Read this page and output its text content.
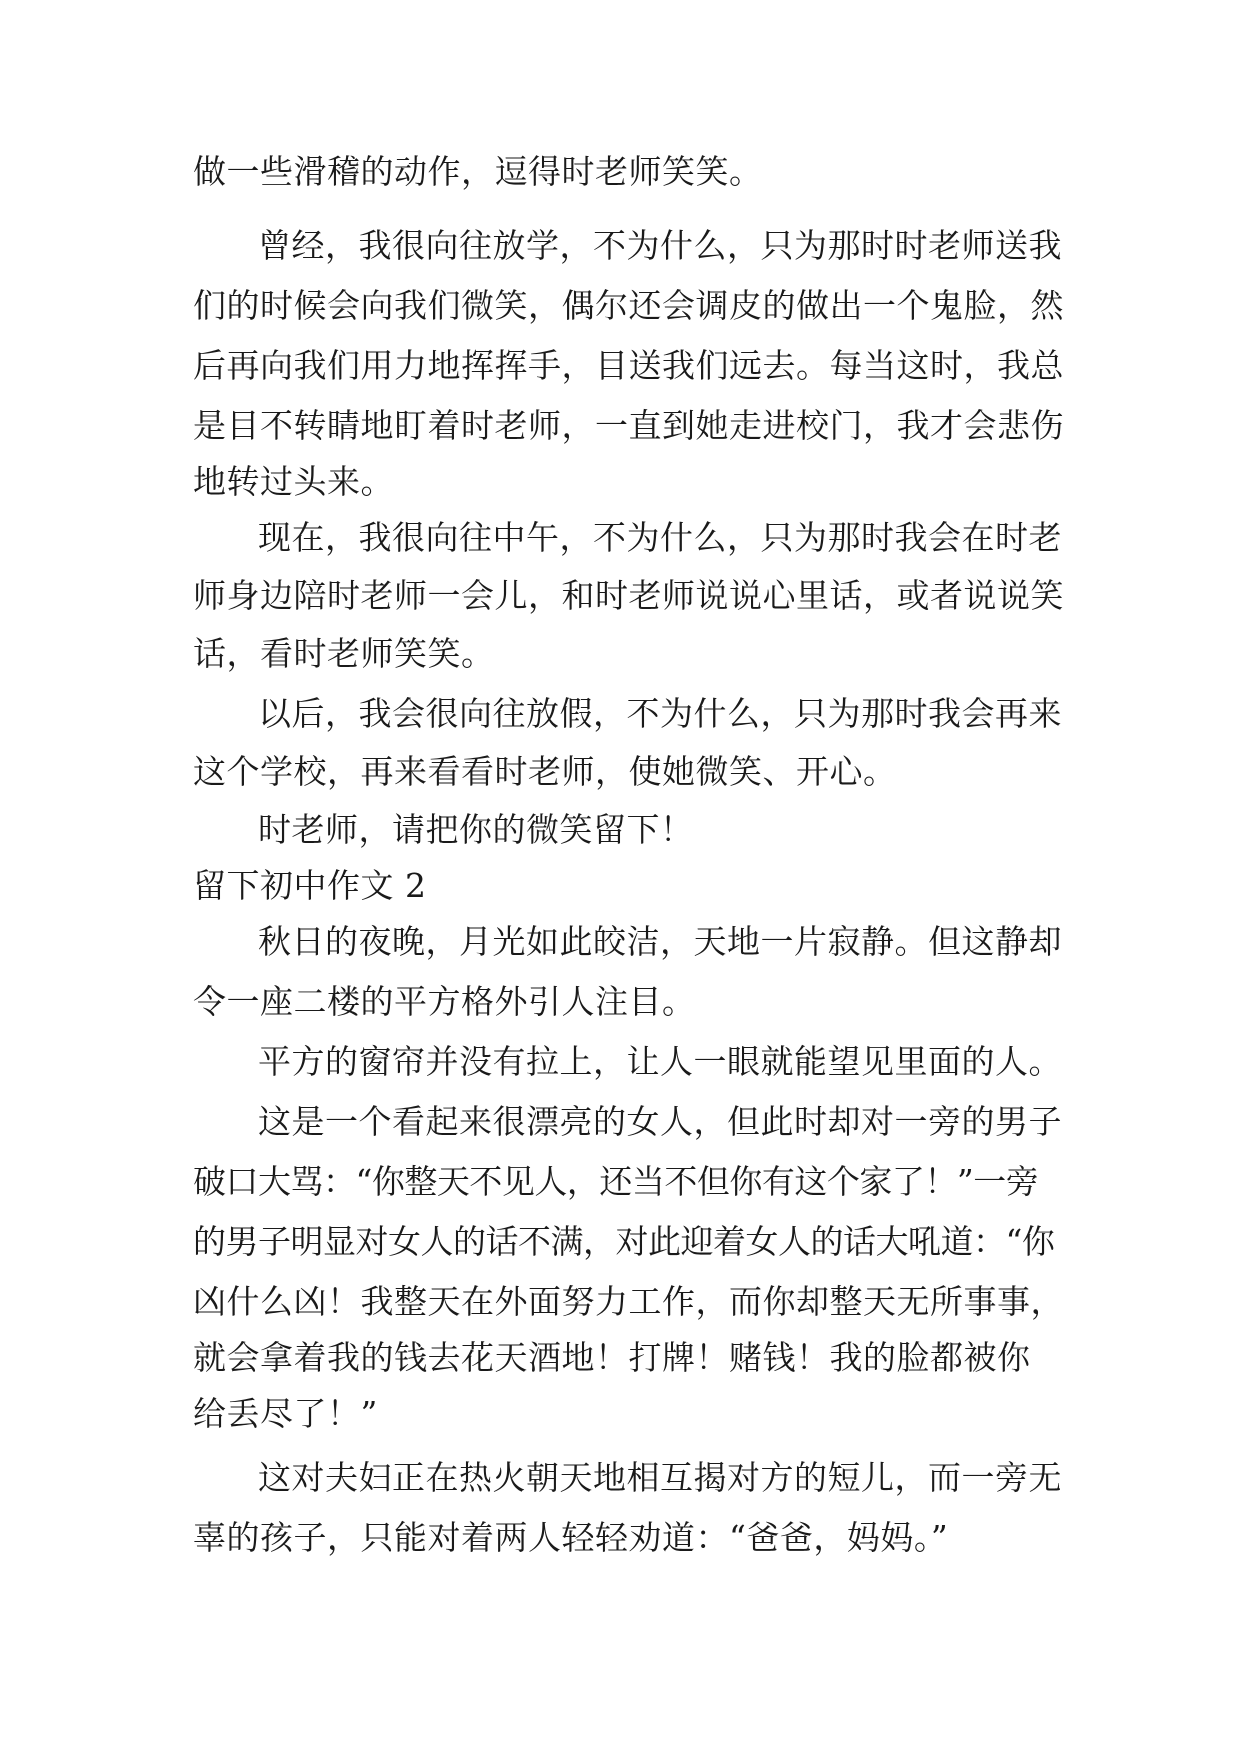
做一些滑稽的动作，逗得时老师笑笑。
曾经，我很向往放学，不为什么，只为那时时老师送我
们的时候会向我们微笑，偶尔还会调皮的做出一个鬼脸，然
后再向我们用力地挥挥手，目送我们远去。每当这时，我总
是目不转睛地盯着时老师，一直到她走进校门，我才会悲伤
地转过头来。
现在，我很向往中午，不为什么，只为那时我会在时老
师身边陪时老师一会儿，和时老师说说心里话，或者说说笑
话，看时老师笑笑。
以后，我会很向往放假，不为什么，只为那时我会再来
这个学校，再来看看时老师，使她微笑、开心。
时老师，请把你的微笑留下！
留下初中作文 2
秋日的夜晚，月光如此皎洁，天地一片寂静。但这静却
令一座二楼的平方格外引人注目。
平方的窗帘并没有拉上，让人一眼就能望见里面的人。
这是一个看起来很漂亮的女人，但此时却对一旁的男子
破口大骂：“你整天不见人，还当不但你有这个家了！”一旁
的男子明显对女人的话不满，对此迎着女人的话大吼道：“你
凶什么凶！我整天在外面努力工作，而你却整天无所事事，
就会拿着我的钱去花天酒地！打牌！赌钱！我的脸都被你
给丢尽了！”
这对夫妇正在热火朝天地相互揭对方的短儿，而一旁无
辜的孩子，只能对着两人轻轻劝道：“爸爸，妈妈。”
